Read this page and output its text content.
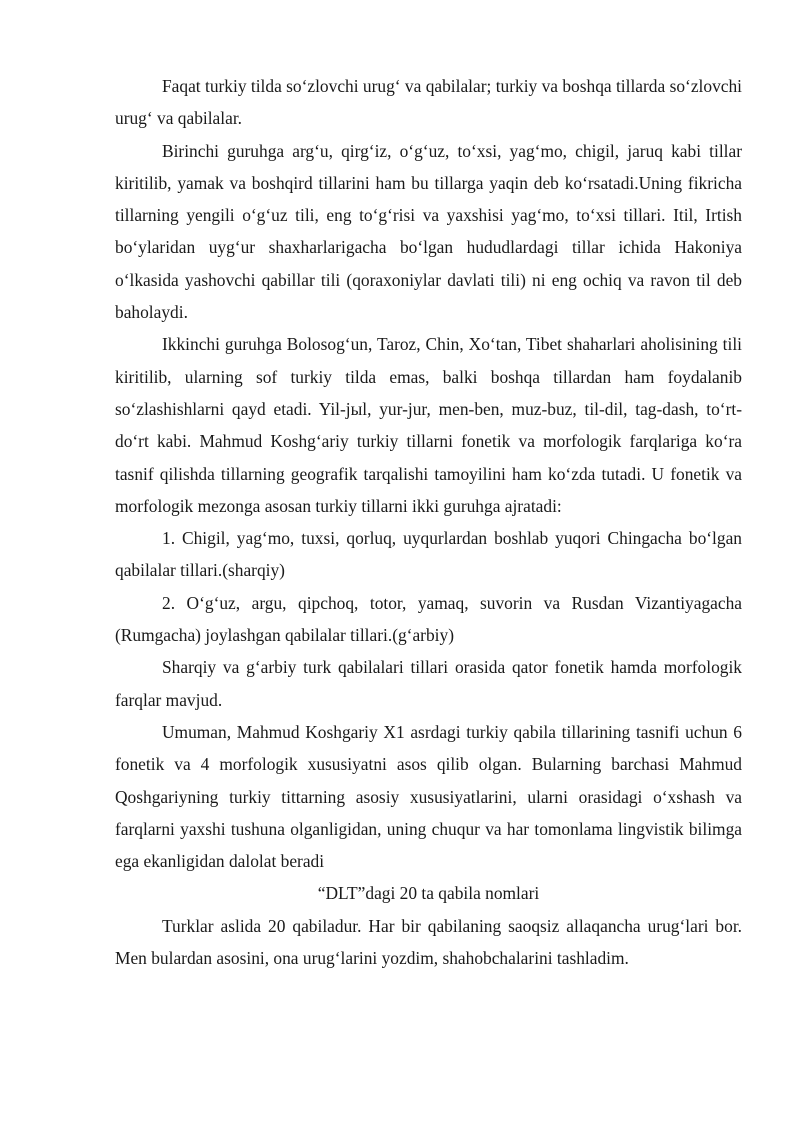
Faqat turkiy tilda so‘zlovchi urug‘ va qabilalar; turkiy va boshqa tillarda so‘zlovchi urug‘ va qabilalar.

Birinchi guruhga arg‘u, qirg‘iz, o‘g‘uz, to‘xsi, yag‘mo, chigil, jaruq kabi tillar kiritilib, yamak va boshqird tillarini ham bu tillarga yaqin deb ko‘rsatadi.Uning fikricha tillarning yengili o‘g‘uz tili, eng to‘g‘risi va yaxshisi yag‘mo, to‘xsi tillari. Itil, Irtish bo‘ylaridan uyg‘ur shaxharlarigacha bo‘lgan hududlardagi tillar ichida Hakoniya o‘lkasida yashovchi qabillar tili (qoraxoniylar davlati tili) ni eng ochiq va ravon til deb baholaydi.

Ikkinchi guruhga Bolosog‘un, Taroz, Chin, Xo‘tan, Tibet shaharlari aholisining tili kiritilib, ularning sof turkiy tilda emas, balki boshqa tillardan ham foydalanib so‘zlashishlarni qayd etadi. Yil-jыl, yur-jur, men-ben, muz-buz, til-dil, tag-dash, to‘rt-do‘rt kabi. Mahmud Koshg‘ariy turkiy tillarni fonetik va morfologik farqlariga ko‘ra tasnif qilishda tillarning geografik tarqalishi tamoyilini ham ko‘zda tutadi. U fonetik va morfologik mezonga asosan turkiy tillarni ikki guruhga ajratadi:

1. Chigil, yag‘mo, tuxsi, qorluq, uyqurlardan boshlab yuqori Chingacha bo‘lgan qabilalar tillari.(sharqiy)

2. O‘g‘uz, argu, qipchoq, totor, yamaq, suvorin va Rusdan Vizantiyagacha (Rumgacha) joylashgan qabilalar tillari.(g‘arbiy)

Sharqiy va g‘arbiy turk qabilalari tillari orasida qator fonetik hamda morfologik farqlar mavjud.

Umuman, Mahmud Koshgariy X1 asrdagi turkiy qabila tillarining tasnifi uchun 6 fonetik va 4 morfologik xususiyatni asos qilib olgan. Bularning barchasi Mahmud Qoshgariyning turkiy tittarning asosiy xususiyatlarini, ularni orasidagi o‘xshash va farqlarni yaxshi tushuna olganligidan, uning chuqur va har tomonlama lingvistik bilimga ega ekanligidan dalolat beradi

“DLT”dagi 20 ta qabila nomlari

Turklar aslida 20 qabiladur. Har bir qabilaning saoqsiz allaqancha urug‘lari bor. Men bulardan asosini, ona urug‘larini yozdim, shahobchalarini tashladim.
